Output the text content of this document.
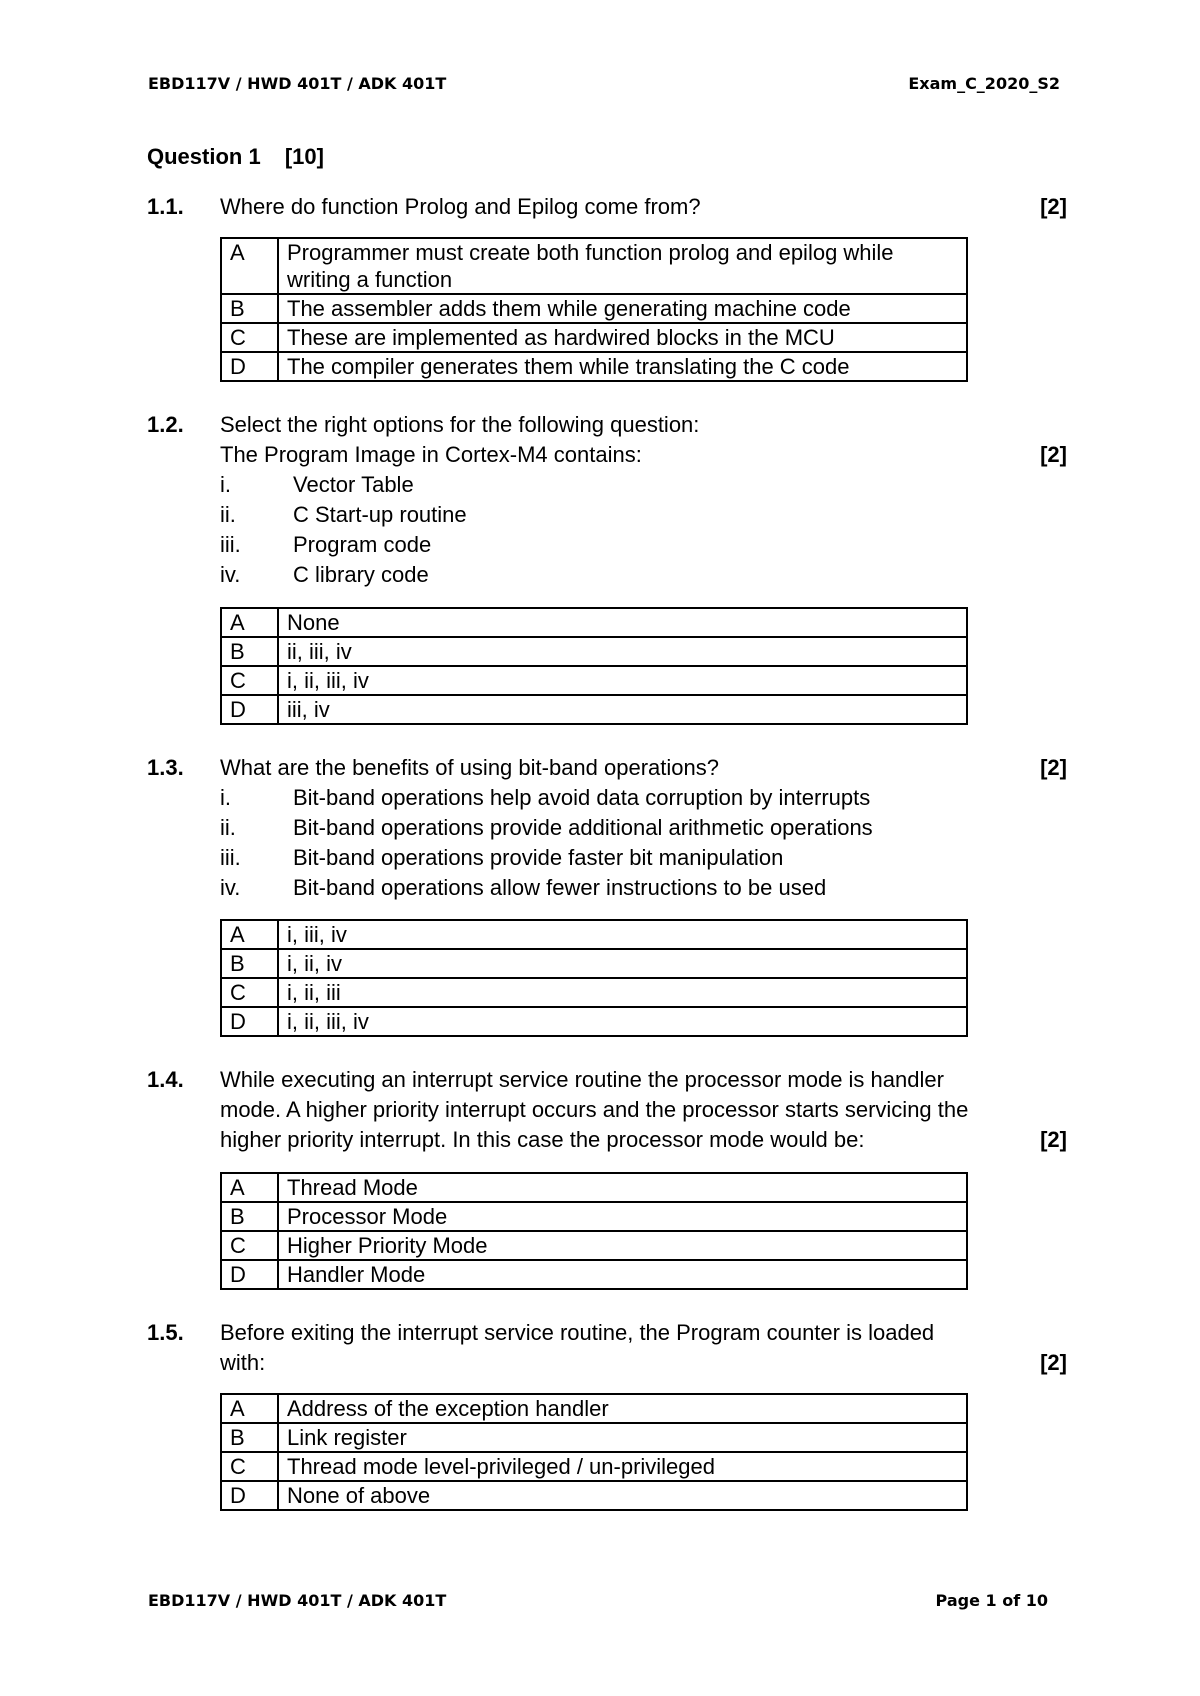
EBD117V / HWD 401T / ADK 401T	Exam_C_2020_S2
Question 1 [10]
1.1.	[2]
Where do function Prolog and Epilog come from?
A	Programmer must create both function prolog and epilog while writing a function
B	The assembler adds them while generating machine code
C	These are implemented as hardwired blocks in the MCU
D	The compiler generates them while translating the C code
1.2.
[2]
Select the right options for the following question:
The Program Image in Cortex-M4 contains:
i.	Vector Table
ii.	C Start-up routine
iii.	Program code
iv.	C library code
A	None
B	ii, iii, iv
C	i, ii, iii, iv
D	iii, iv
1.3.	[2]
What are the benefits of using bit-band operations?
i.	Bit-band operations help avoid data corruption by interrupts
ii.	Bit-band operations provide additional arithmetic operations
iii.	Bit-band operations provide faster bit manipulation
iv.	Bit-band operations allow fewer instructions to be used
A	i, iii, iv
B	i, ii, iv
C	i, ii, iii
D	i, ii, iii, iv
1.4.
[2]
While executing an interrupt service routine the processor mode is handler
mode. A higher priority interrupt occurs and the processor starts servicing the
higher priority interrupt. In this case the processor mode would be:
A	Thread Mode
B	Processor Mode
C	Higher Priority Mode
D	Handler Mode
1.5.
[2]
Before exiting the interrupt service routine, the Program counter is loaded
with:
A	Address of the exception handler
B	Link register
C	Thread mode level-privileged / un-privileged
D	None of above
EBD117V / HWD 401T / ADK 401T	Page 1 of 10
